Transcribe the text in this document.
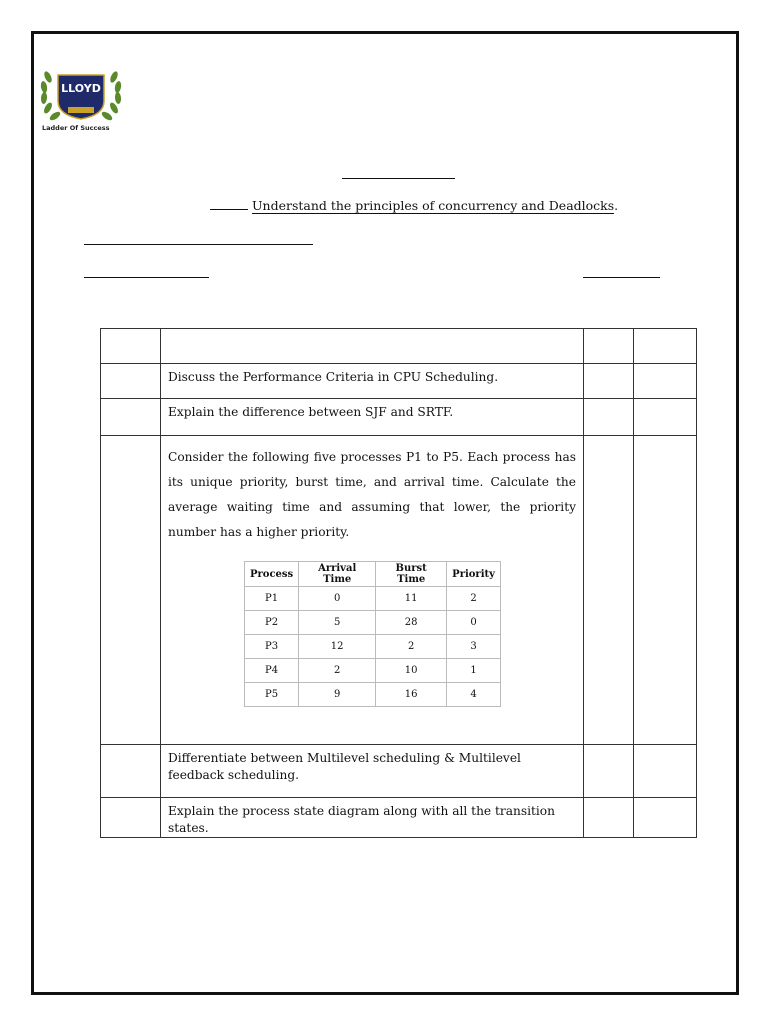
LLOYD
Ladder Of Success
Understand the principles of concurrency and Deadlocks.

Discuss the Performance Criteria in CPU Scheduling.

Explain the difference between SJF and SRTF.

Consider the following five processes P1 to P5. Each process has its unique priority, burst time, and arrival time. Calculate the average waiting time and assuming that lower, the priority number has a higher priority.
Process	Arrival Time	Burst Time	Priority
P1	0	11	2
P2	5	28	0
P3	12	2	3
P4	2	10	1
P5	9	16	4

Differentiate between Multilevel scheduling & Multilevel feedback scheduling.

Explain the process state diagram along with all the transition states.
